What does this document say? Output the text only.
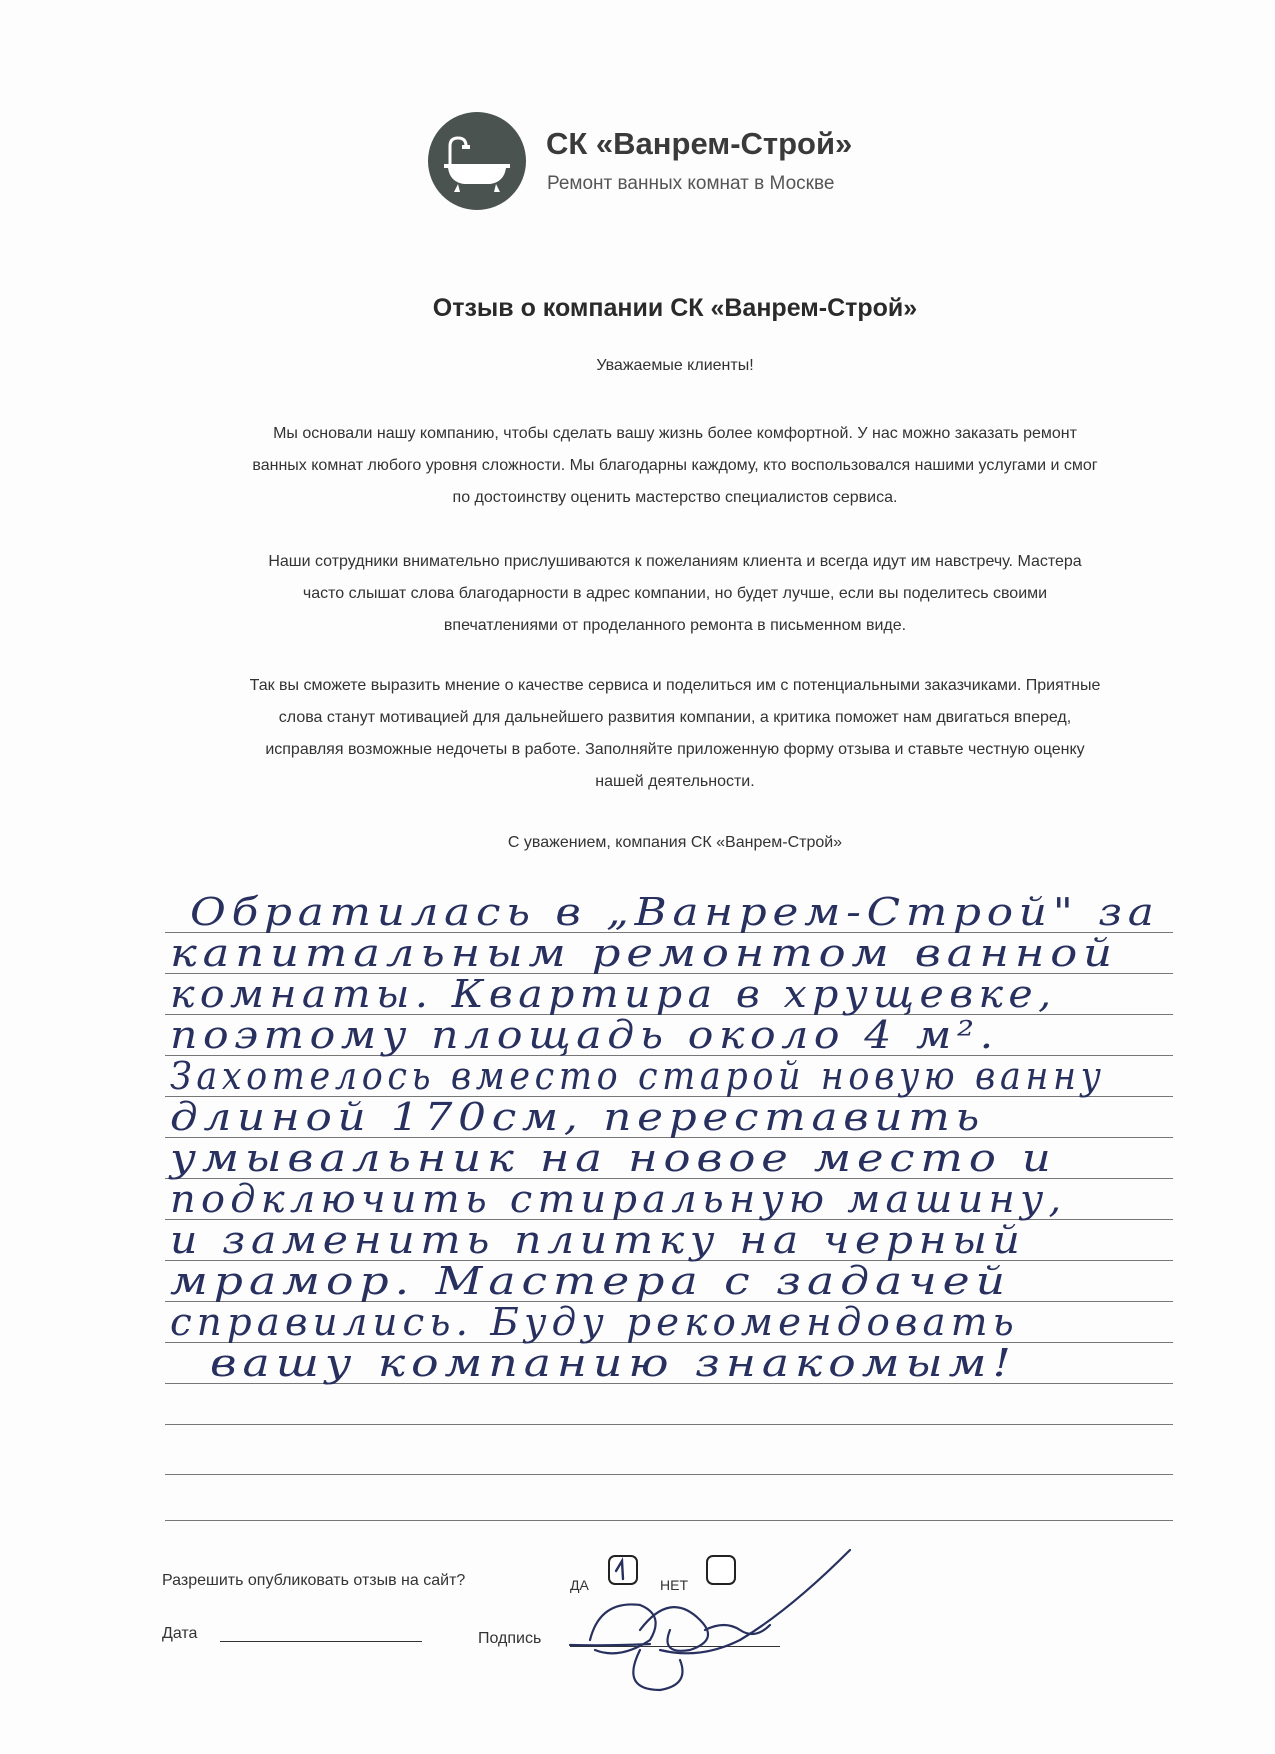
СК «Ванрем-Строй»
Ремонт ванных комнат в Москве
Отзыв о компании СК «Ванрем-Строй»
Уважаемые клиенты!

Мы основали нашу компанию, чтобы сделать вашу жизнь более комфортной. У нас можно заказать ремонт

ванных комнат любого уровня сложности. Мы благодарны каждому, кто воспользовался нашими услугами и смог

по достоинству оценить мастерство специалистов сервиса.

Наши сотрудники внимательно прислушиваются к пожеланиям клиента и всегда идут им навстречу. Мастера

часто слышат слова благодарности в адрес компании, но будет лучше, если вы поделитесь своими

впечатлениями от проделанного ремонта в письменном виде.

Так вы сможете выразить мнение о качестве сервиса и поделиться им с потенциальными заказчиками. Приятные

слова станут мотивацией для дальнейшего развития компании, а критика поможет нам двигаться вперед,

исправляя возможные недочеты в работе. Заполняйте приложенную форму отзыва и ставьте честную оценку

нашей деятельности.

С уважением, компания СК «Ванрем-Строй»
Обратилась в „Ванрем-Строй" за
капитальным ремонтом ванной
комнаты. Квартира в хрущевке,
поэтому площадь около 4 м².
Захотелось вместо старой новую ванну
длиной 170см, переставить
умывальник на новое место и
подключить стиральную машину,
и заменить плитку на черный
мрамор. Мастера с задачей
справились. Буду рекомендовать
вашу компанию знакомым!
Разрешить опубликовать отзыв на сайт?	ДА	НЕТ
Дата	Подпись
